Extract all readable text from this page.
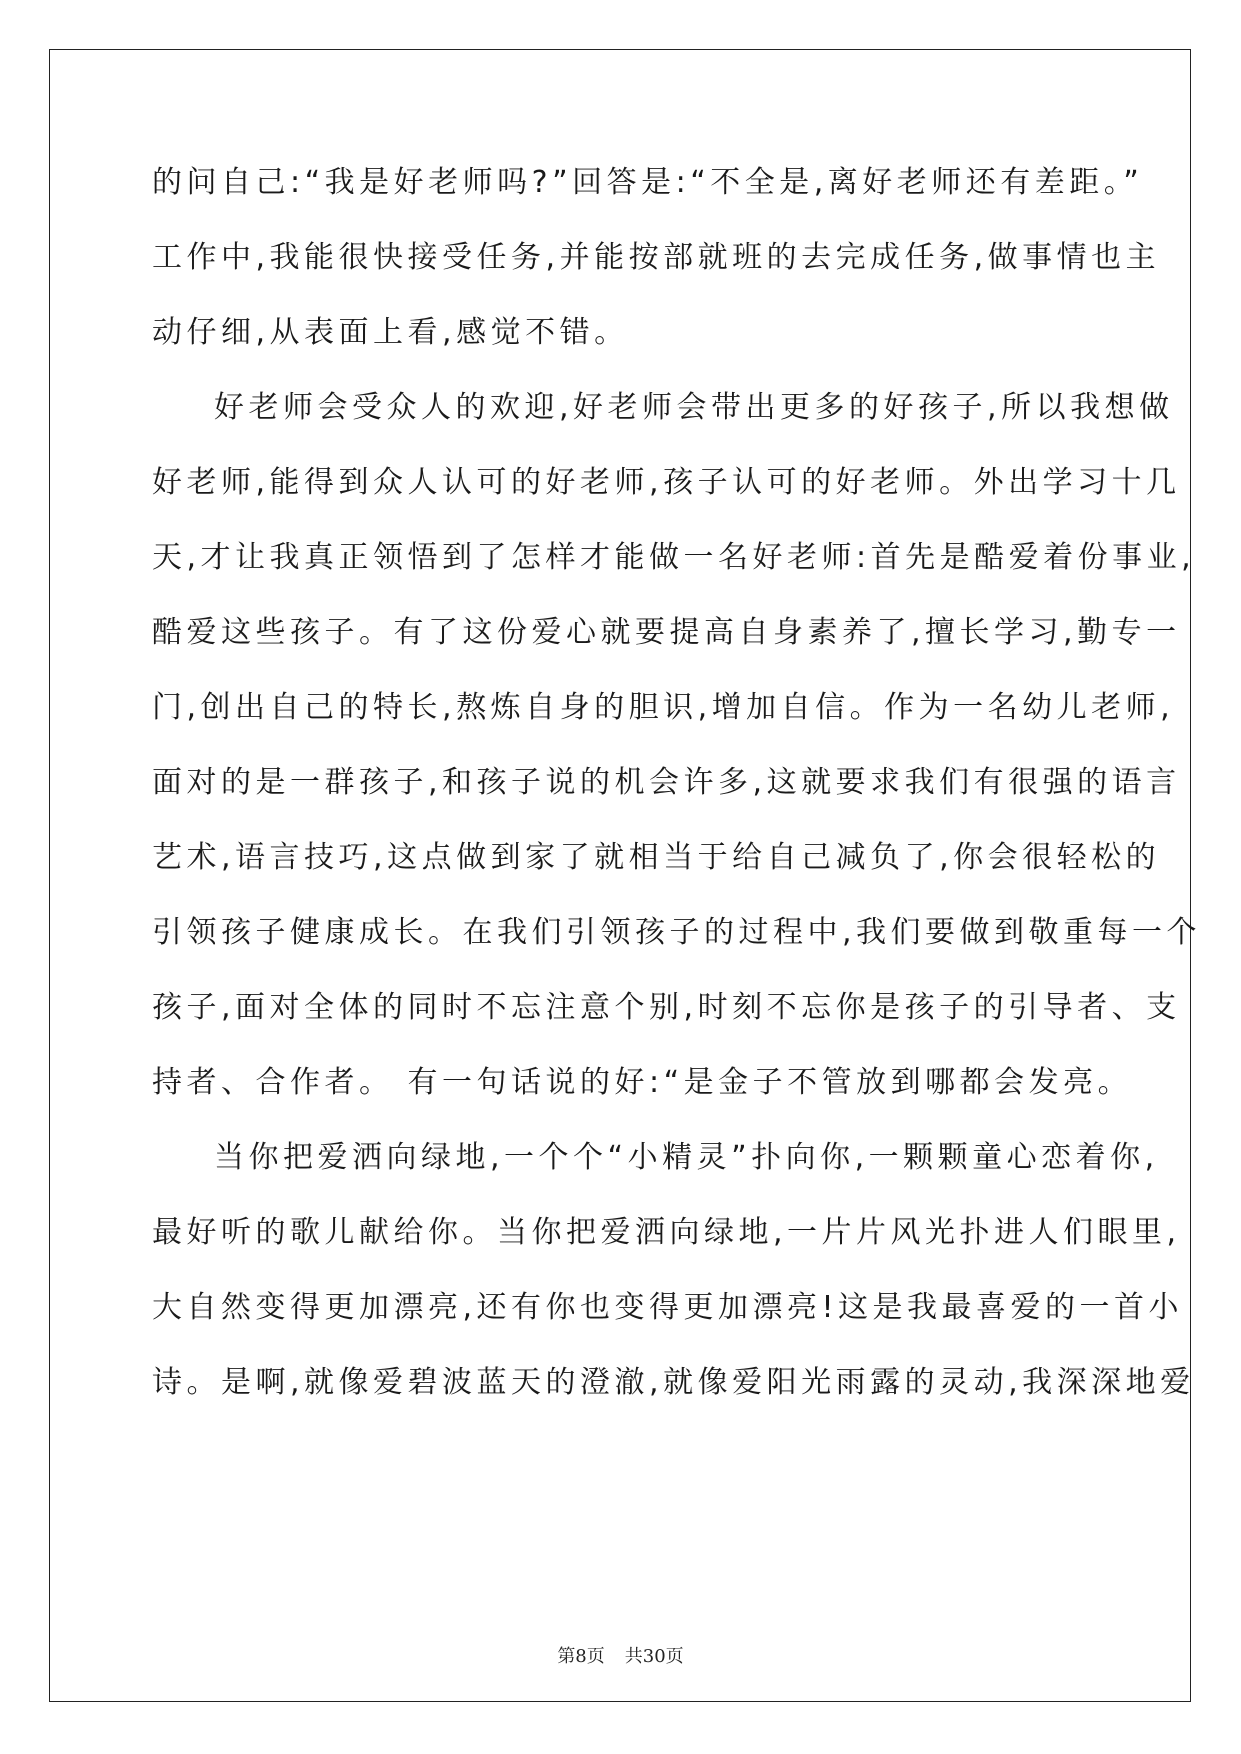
的问自己:“我是好老师吗?”回答是:“不全是,离好老师还有差距。”
工作中,我能很快接受任务,并能按部就班的去完成任务,做事情也主
动仔细,从表面上看,感觉不错。
好老师会受众人的欢迎,好老师会带出更多的好孩子,所以我想做
好老师,能得到众人认可的好老师,孩子认可的好老师。外出学习十几
天,才让我真正领悟到了怎样才能做一名好老师:首先是酷爱着份事业,
酷爱这些孩子。有了这份爱心就要提高自身素养了,擅长学习,勤专一
门,创出自己的特长,熬炼自身的胆识,增加自信。作为一名幼儿老师,
面对的是一群孩子,和孩子说的机会许多,这就要求我们有很强的语言
艺术,语言技巧,这点做到家了就相当于给自己减负了,你会很轻松的
引领孩子健康成长。在我们引领孩子的过程中,我们要做到敬重每一个
孩子,面对全体的同时不忘注意个别,时刻不忘你是孩子的引导者、支
持者、合作者。 有一句话说的好:“是金子不管放到哪都会发亮。
当你把爱洒向绿地,一个个“小精灵”扑向你,一颗颗童心恋着你,
最好听的歌儿献给你。当你把爱洒向绿地,一片片风光扑进人们眼里,
大自然变得更加漂亮,还有你也变得更加漂亮!这是我最喜爱的一首小
诗。是啊,就像爱碧波蓝天的澄澈,就像爱阳光雨露的灵动,我深深地爱
第8页 共30页
